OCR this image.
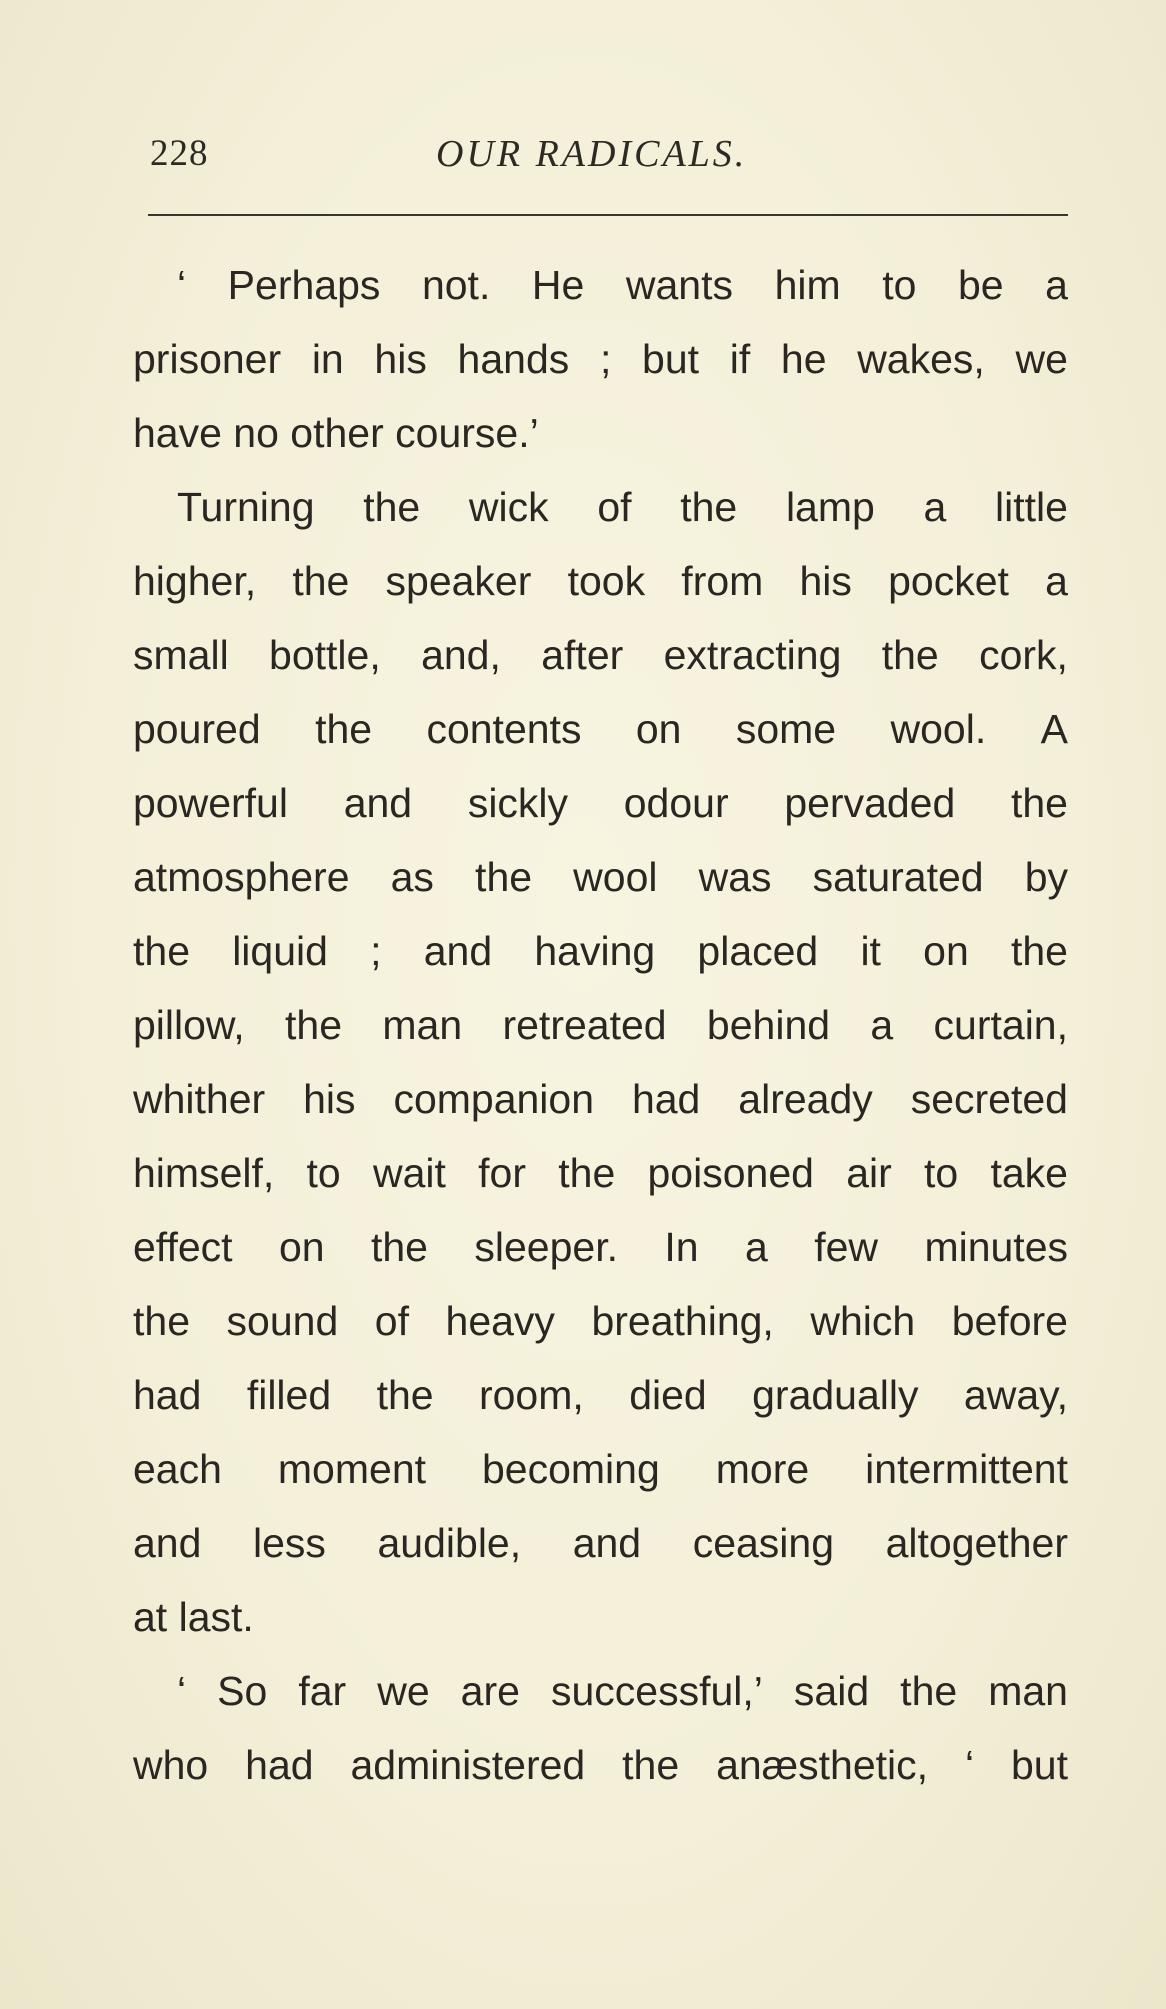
228	OUR RADICALS.
‘ Perhaps not. He wants him to be a
prisoner in his hands ; but if he wakes, we
have no other course.’
Turning the wick of the lamp a little
higher, the speaker took from his pocket a
small bottle, and, after extracting the cork,
poured the contents on some wool. A
powerful and sickly odour pervaded the
atmosphere as the wool was saturated by
the liquid ; and having placed it on the
pillow, the man retreated behind a curtain,
whither his companion had already secreted
himself, to wait for the poisoned air to take
effect on the sleeper. In a few minutes
the sound of heavy breathing, which before
had filled the room, died gradually away,
each moment becoming more intermittent
and less audible, and ceasing altogether
at last.
‘ So far we are successful,’ said the man
who had administered the anæsthetic, ‘ but
